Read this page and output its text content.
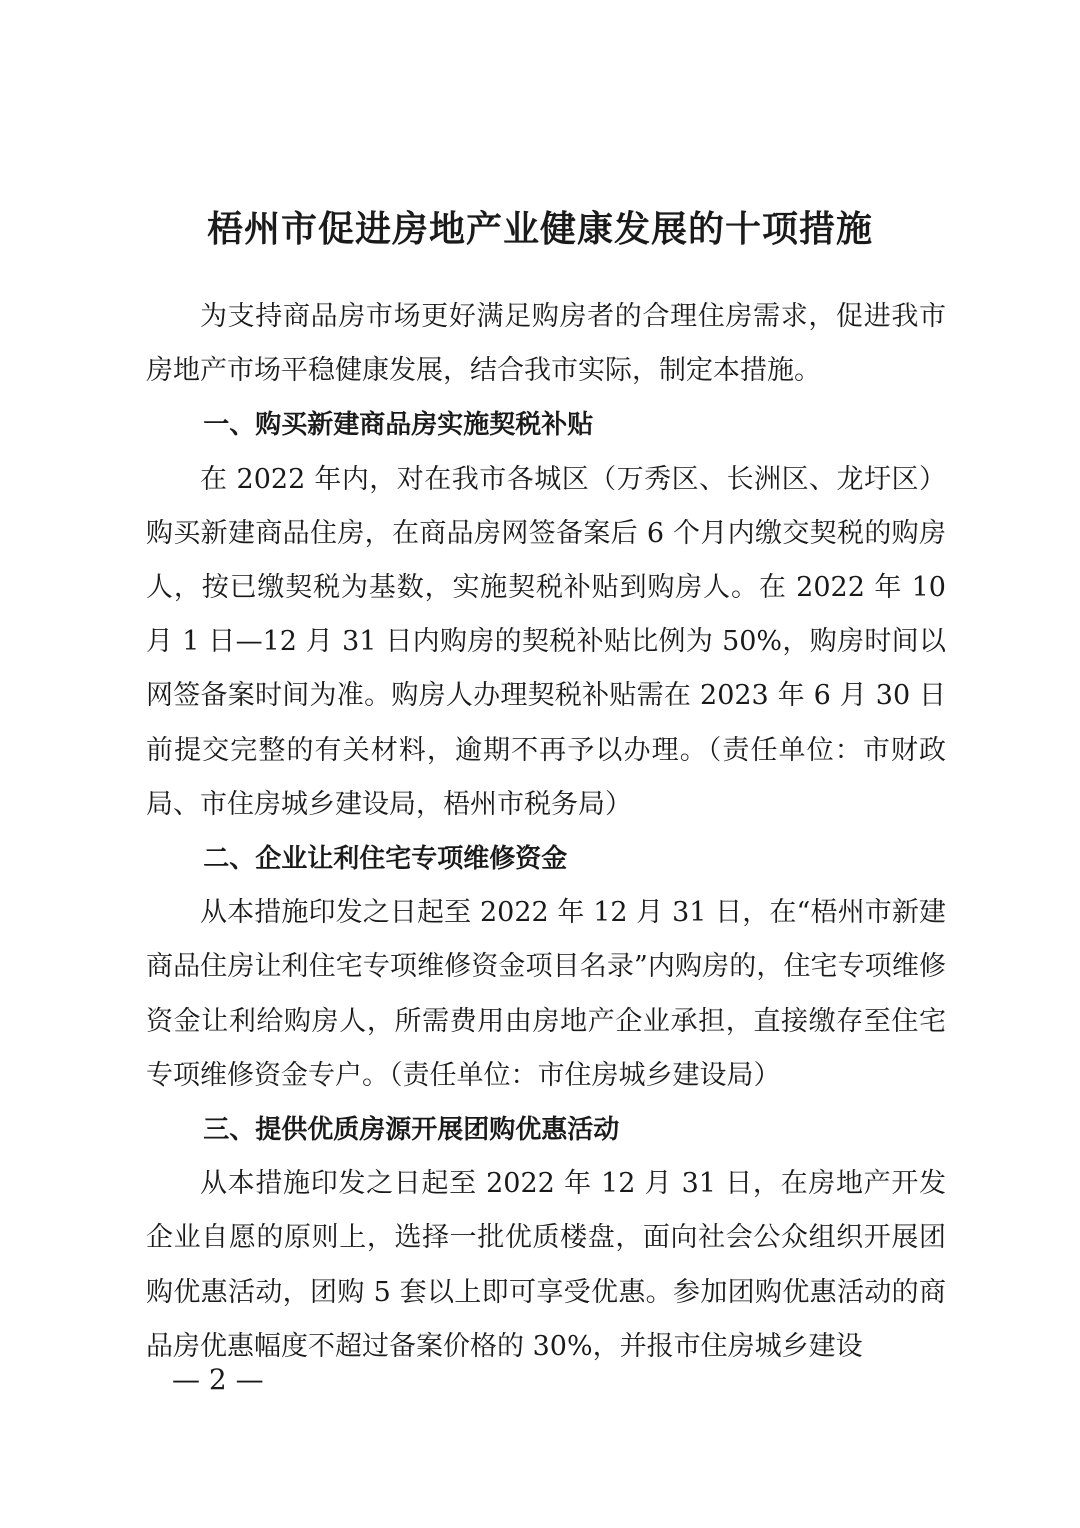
梧州市促进房地产业健康发展的十项措施

为支持商品房市场更好满足购房者的合理住房需求，促进我市房地产市场平稳健康发展，结合我市实际，制定本措施。

一、购买新建商品房实施契税补贴

在 2022 年内，对在我市各城区（万秀区、长洲区、龙圩区）购买新建商品住房，在商品房网签备案后 6 个月内缴交契税的购房人，按已缴契税为基数，实施契税补贴到购房人。在 2022 年 10 月 1 日—12 月 31 日内购房的契税补贴比例为 50%，购房时间以网签备案时间为准。购房人办理契税补贴需在 2023 年 6 月 30 日前提交完整的有关材料，逾期不再予以办理。（责任单位：市财政局、市住房城乡建设局，梧州市税务局）

二、企业让利住宅专项维修资金

从本措施印发之日起至 2022 年 12 月 31 日，在“梧州市新建商品住房让利住宅专项维修资金项目名录”内购房的，住宅专项维修资金让利给购房人，所需费用由房地产企业承担，直接缴存至住宅专项维修资金专户。（责任单位：市住房城乡建设局）

三、提供优质房源开展团购优惠活动

从本措施印发之日起至 2022 年 12 月 31 日，在房地产开发企业自愿的原则上，选择一批优质楼盘，面向社会公众组织开展团购优惠活动，团购 5 套以上即可享受优惠。参加团购优惠活动的商品房优惠幅度不超过备案价格的 30%，并报市住房城乡建设

— 2 —
